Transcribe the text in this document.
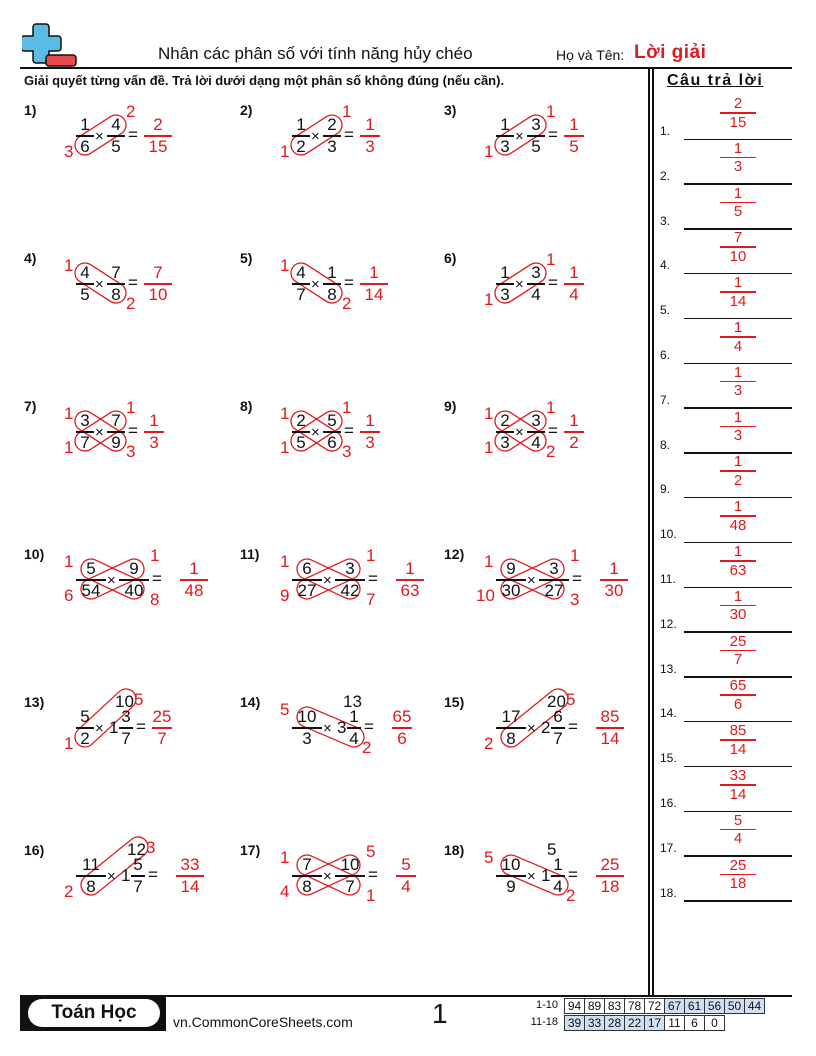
Nhân các phân số với tính năng hủy chéo	Họ và Tên: Lời giải
Giải quyết từng vấn đề. Trả lời dưới dạng một phân số không đúng (nếu cần).	Câu trả lời
1)
1
6 ×
4
5
=
2
15
2
3
2)
1
2 ×
2
3
=
1
3
1
1
3)
1
3 ×
3
5
=
1
5
1
1
4)
4
5 ×
7
8
=
7
10
1
2
5)
4
7 ×
1
8
=
1
14
1
2
6)
1
3 ×
3
4
=
1
4
1
1
7)
3
7 ×
7
9
=
1
3
1	1
1	3
8)
2
5 ×
5
6
=
1
3
1	1
1	3
9)
2
3 ×
3
4
=
1
2
1	1
1	2
10)
5
54 ×
9
40
=
1
48
1	1
6	8
11)
6
27 ×
3
42
=
1
63
1	1
9	7
12)
9
30 ×
3
27
=
1
30
1	1
10	3
13)
5
2 × 1
10
3
7
=
25
7
5
1
14)
10
3 × 3
13
1
4
=
65
6
5
2
15)
17
8 × 2
20
6
7
=
85
14
5
2
16)
11
8 × 1
12
5
7
=
33
14
3
2
17)
7
8 ×
10
7
=
5
4
1	5
4	1
18)
10
9 × 1
5
1
4
=
25
18
5
2
1.
2
15
2.
1
3
3.
1
5
4.
7
10
5.
1
14
6.
1
4
7.
1
3
8.
1
3
9.
1
2
10.
1
48
11.
1
63
12.
1
30
13.
25
7
14.
65
6
15.
85
14
16.
33
14
17.
5
4
18.
25
18
Toán Học	vn.CommonCoreSheets.com	1	1-10 94	89	83	78	72	67	61	56	50	44
11-18 39	33	28	22	17	11	6	0
